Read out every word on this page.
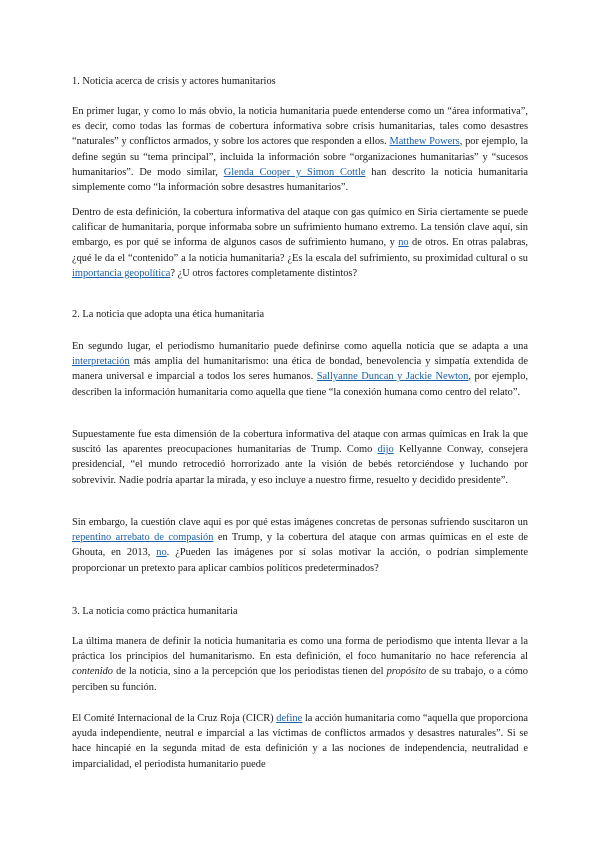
1. Noticia acerca de crisis y actores humanitarios

En primer lugar, y como lo más obvio, la noticia humanitaria puede entenderse como un “área informativa”, es decir, como todas las formas de cobertura informativa sobre crisis humanitarias, tales como desastres “naturales” y conflictos armados, y sobre los actores que responden a ellos. Matthew Powers, por ejemplo, la define según su “tema principal”, incluida la información sobre “organizaciones humanitarias” y “sucesos humanitarios”. De modo similar, Glenda Cooper y Simon Cottle han descrito la noticia humanitaria simplemente como “la información sobre desastres humanitarios”.

Dentro de esta definición, la cobertura informativa del ataque con gas químico en Siria ciertamente se puede calificar de humanitaria, porque informaba sobre un sufrimiento humano extremo. La tensión clave aquí, sin embargo, es por qué se informa de algunos casos de sufrimiento humano, y no de otros. En otras palabras, ¿qué le da el “contenido” a la noticia humanitaria? ¿Es la escala del sufrimiento, su proximidad cultural o su importancia geopolítica? ¿U otros factores completamente distintos?

2. La noticia que adopta una ética humanitaria

En segundo lugar, el periodismo humanitario puede definirse como aquella noticia que se adapta a una interpretación más amplia del humanitarismo: una ética de bondad, benevolencia y simpatía extendida de manera universal e imparcial a todos los seres humanos. Sallyanne Duncan y Jackie Newton, por ejemplo, describen la información humanitaria como aquella que tiene “la conexión humana como centro del relato”.

Supuestamente fue esta dimensión de la cobertura informativa del ataque con armas químicas en Irak la que suscitó las aparentes preocupaciones humanitarias de Trump. Como dijo Kellyanne Conway, consejera presidencial, “el mundo retrocedió horrorizado ante la visión de bebés retorciéndose y luchando por sobrevivir. Nadie podría apartar la mirada, y eso incluye a nuestro firme, resuelto y decidido presidente”.

Sin embargo, la cuestión clave aquí es por qué estas imágenes concretas de personas sufriendo suscitaron un repentino arrebato de compasión en Trump, y la cobertura del ataque con armas químicas en el este de Ghouta, en 2013, no. ¿Pueden las imágenes por sí solas motivar la acción, o podrían simplemente proporcionar un pretexto para aplicar cambios políticos predeterminados?

3. La noticia como práctica humanitaria

La última manera de definir la noticia humanitaria es como una forma de periodismo que intenta llevar a la práctica los principios del humanitarismo. En esta definición, el foco humanitario no hace referencia al contenido de la noticia, sino a la percepción que los periodistas tienen del propósito de su trabajo, o a cómo perciben su función.

El Comité Internacional de la Cruz Roja (CICR) define la acción humanitaria como “aquella que proporciona ayuda independiente, neutral e imparcial a las víctimas de conflictos armados y desastres naturales”. Si se hace hincapié en la segunda mitad de esta definición y a las nociones de independencia, neutralidad e imparcialidad, el periodista humanitario puede
